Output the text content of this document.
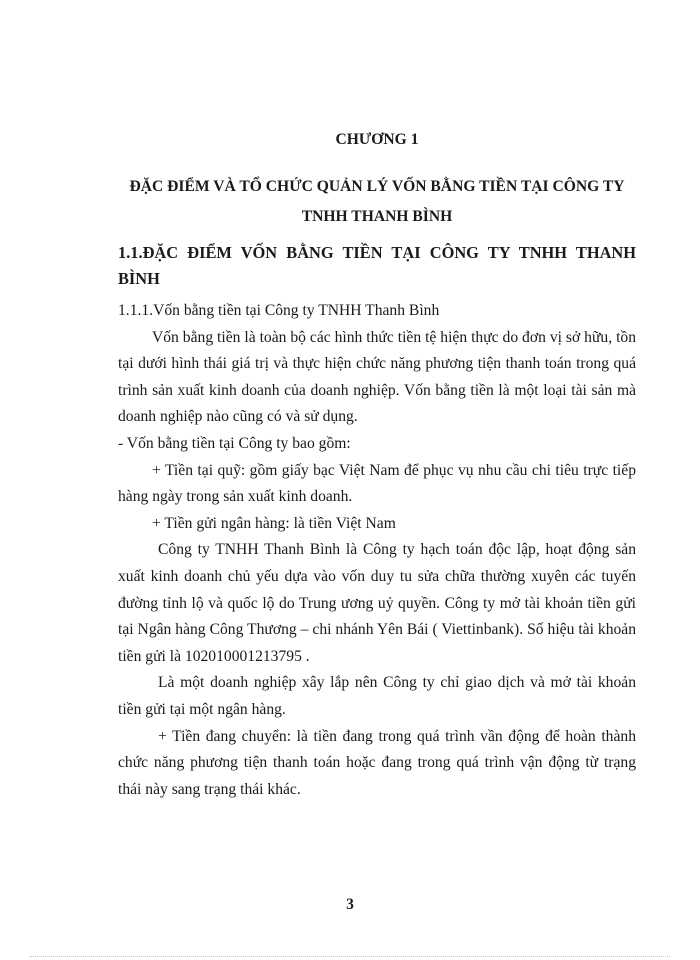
CHƯƠNG 1
ĐẶC ĐIỂM VÀ TỔ CHỨC QUẢN LÝ VỐN BẰNG TIỀN TẠI CÔNG TY TNHH THANH BÌNH
1.1.ĐẶC ĐIỂM VỐN BẰNG TIỀN TẠI CÔNG TY TNHH THANH BÌNH

1.1.1.Vốn bằng tiền tại Công ty TNHH Thanh Bình

Vốn bằng tiền là toàn bộ các hình thức tiền tệ hiện thực do đơn vị sở hữu, tồn tại dưới hình thái giá trị và thực hiện chức năng phương tiện thanh toán trong quá trình sản xuất kinh doanh của doanh nghiệp. Vốn bằng tiền là một loại tài sản mà doanh nghiệp nào cũng có và sử dụng.

- Vốn bằng tiền tại Công ty bao gồm:

+ Tiền tại quỹ: gồm giấy bạc Việt Nam để phục vụ nhu cầu chi tiêu trực tiếp hàng ngày trong sản xuất kinh doanh.

+ Tiền gửi ngân hàng: là tiền Việt Nam

Công ty TNHH Thanh Bình là Công ty hạch toán độc lập, hoạt động sản xuất kinh doanh chủ yếu dựa vào vốn duy tu sửa chữa thường xuyên các tuyến đường tỉnh lộ và quốc lộ do Trung ương uỷ quyền. Công ty mở tài khoản tiền gửi tại Ngân hàng Công Thương – chi nhánh Yên Bái ( Viettinbank). Số hiệu tài khoản tiền gửi là 102010001213795 .

Là một doanh nghiệp xây lắp nên Công ty chỉ giao dịch và mở tài khoản tiền gửi tại một ngân hàng.

+ Tiền đang chuyển: là tiền đang trong quá trình vần động để hoàn thành chức năng phương tiện thanh toán hoặc đang trong quá trình vận động từ trạng thái này sang trạng thái khác.

3
